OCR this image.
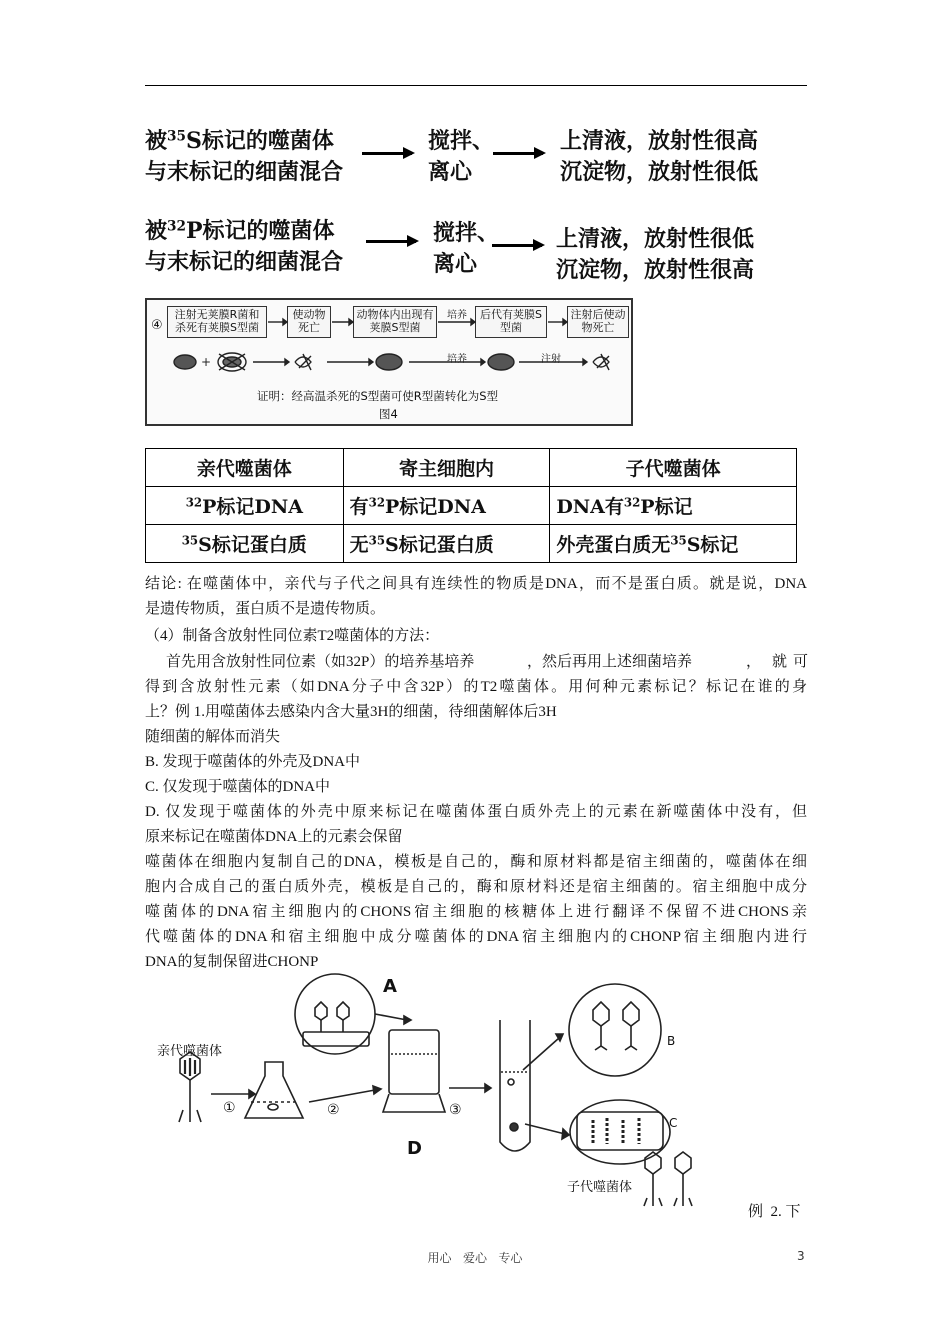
被$^{35}$S标记的噬菌体
与末标记的细菌混合
搅拌、
离心
上清液，放射性很高
沉淀物，放射性很低
被$^{32}$P标记的噬菌体
与末标记的细菌混合
搅拌、
离心
上清液，放射性很低
沉淀物，放射性很高
④
注射无荚膜R菌和杀死有荚膜S型菌
使动物死亡
动物体内出现有荚膜S型菌
后代有荚膜S型菌
注射后使动物死亡
培养
培养	注射
+
证明：经高温杀死的S型菌可使R型菌转化为S型
图4
亲代噬菌体	寄主细胞内	子代噬菌体
$^{32}$P标记DNA	有$^{32}$P标记DNA	DNA有$^{32}$P标记
$^{35}$S标记蛋白质	无$^{35}$S标记蛋白质	外壳蛋白质无$^{35}$S标记
结论: 在噬菌体中，亲代与子代之间具有连续性的物质是DNA，而不是蛋白质。就是说，DNA
是遗传物质，蛋白质不是遗传物质。
（4）制备含放射性同位素T2噬菌体的方法：
首先用含放射性同位素（如32P）的培养基培养	，然后再用上述细菌培养	， 就 可
得到含放射性元素（如DNA分子中含32P）的T2噬菌体。用何种元素标记？标记在谁的身
上？例 1.用噬菌体去感染内含大量3H的细菌，待细菌解体后3H
随细菌的解体而消失
B. 发现于噬菌体的外壳及DNA中
C. 仅发现于噬菌体的DNA中
D. 仅发现于噬菌体的外壳中原来标记在噬菌体蛋白质外壳上的元素在新噬菌体中没有，但
原来标记在噬菌体DNA上的元素会保留
噬菌体在细胞内复制自己的DNA，模板是自己的，酶和原材料都是宿主细菌的，噬菌体在细
胞内合成自己的蛋白质外壳，模板是自己的，酶和原材料还是宿主细菌的。宿主细胞中成分
噬菌体的DNA宿主细胞内的CHONS宿主细胞的核糖体上进行翻译不保留不进CHONS亲
代噬菌体的DNA和宿主细胞中成分噬菌体的DNA宿主细胞内的CHONP宿主细胞内进行
DNA的复制保留进CHONP
亲代噬菌体
①	②	③
A
B
C
D
子代噬菌体
例  2. 下
用心   爱心   专心	3
